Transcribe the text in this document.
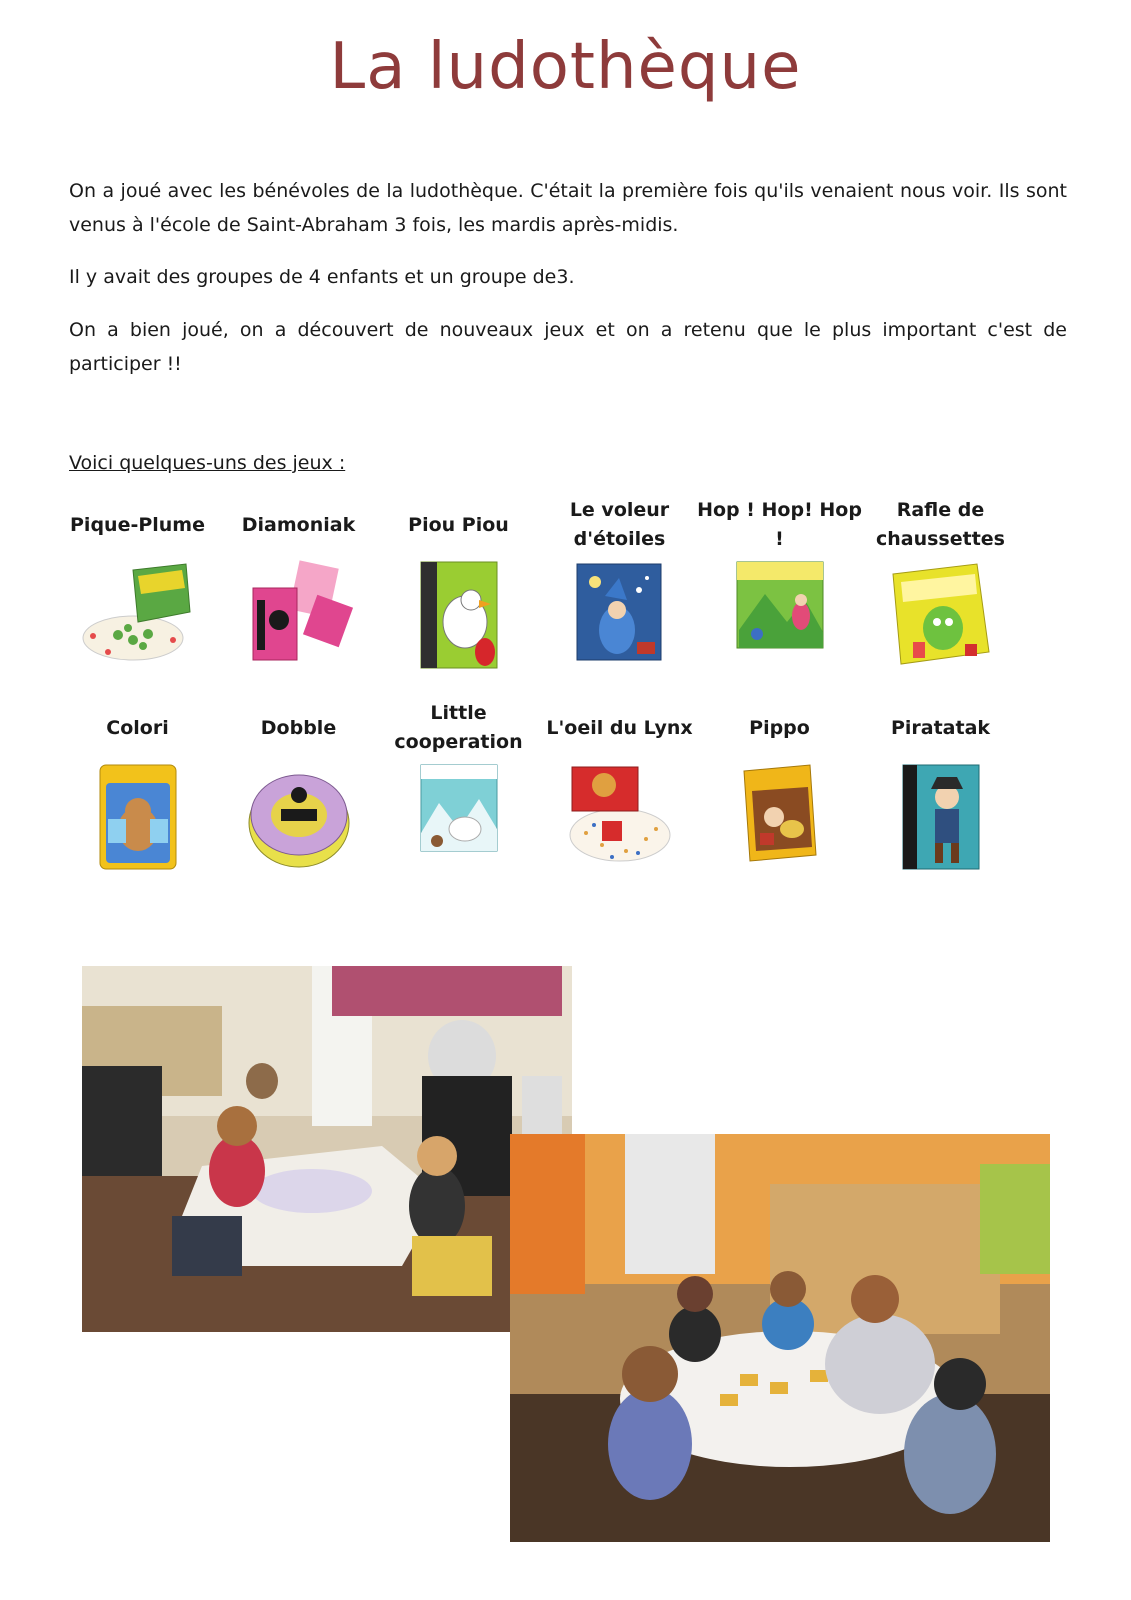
La ludothèque

On a joué avec les bénévoles de la ludothèque. C'était la première fois qu'ils venaient nous voir. Ils sont venus à l'école de Saint-Abraham 3 fois, les mardis après-midis.

Il y avait des groupes de 4 enfants et un groupe de3.

On a bien joué, on a découvert de nouveaux jeux et on a retenu que le plus important c'est de participer !!

Voici quelques-uns des jeux :

Pique-Plume	Diamoniak	Piou Piou
Le voleur d'étoiles
Hop ! Hop! Hop !
Rafle de chaussettes
Colori	Dobble
Little cooperation
L'oeil du Lynx	Pippo	Piratatak
